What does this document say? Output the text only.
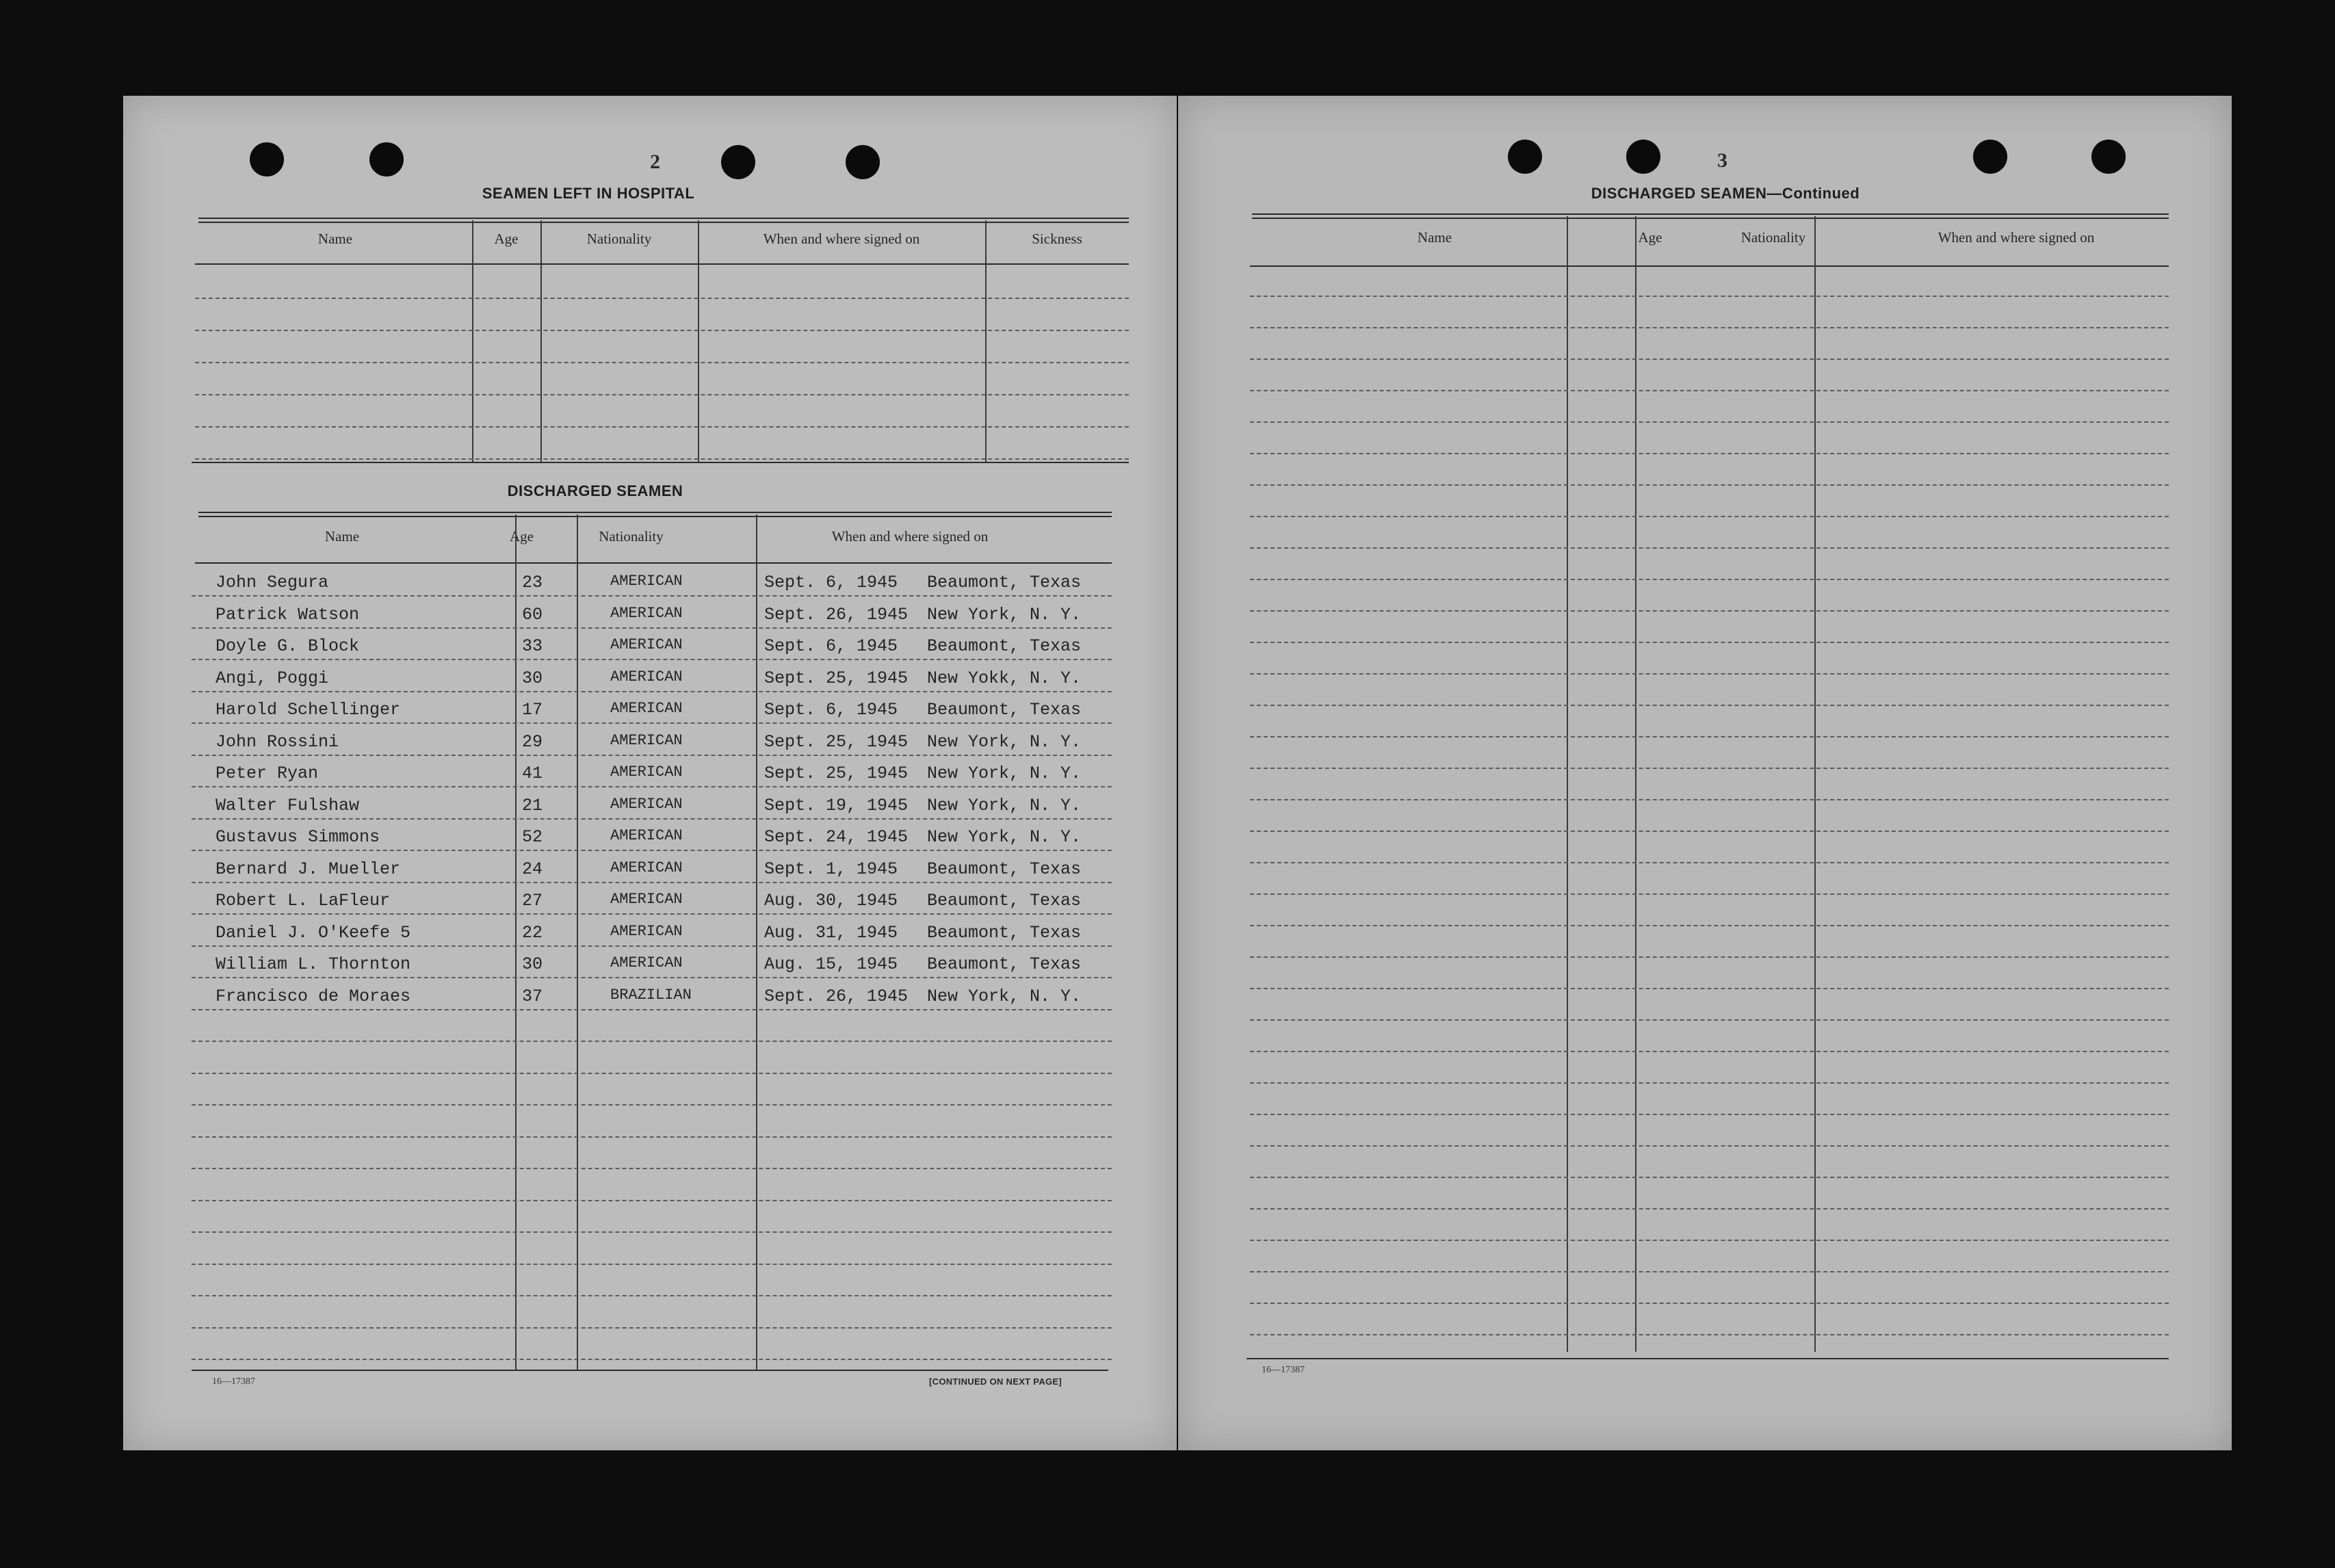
2
SEAMEN LEFT IN HOSPITAL
Name	Age	Nationality	When and where signed on	Sickness
DISCHARGED SEAMEN
Name	Age	Nationality	When and where signed on
John Segura	23	AMERICAN	Sept. 6, 1945 Beaumont, Texas
Patrick Watson	60	AMERICAN	Sept. 26, 1945 New York, N. Y.
Doyle G. Block	33	AMERICAN	Sept. 6, 1945 Beaumont, Texas
Angi, Poggi	30	AMERICAN	Sept. 25, 1945 New Yokk, N. Y.
Harold Schellinger	17	AMERICAN	Sept. 6, 1945 Beaumont, Texas
John Rossini	29	AMERICAN	Sept. 25, 1945 New York, N. Y.
Peter Ryan	41	AMERICAN	Sept. 25, 1945 New York, N. Y.
Walter Fulshaw	21	AMERICAN	Sept. 19, 1945 New York, N. Y.
Gustavus Simmons	52	AMERICAN	Sept. 24, 1945 New York, N. Y.
Bernard J. Mueller	24	AMERICAN	Sept. 1, 1945 Beaumont, Texas
Robert L. LaFleur	27	AMERICAN	Aug. 30, 1945 Beaumont, Texas
Daniel J. O'Keefe 5	22	AMERICAN	Aug. 31, 1945 Beaumont, Texas
William L. Thornton	30	AMERICAN	Aug. 15, 1945 Beaumont, Texas
Francisco de Moraes	37	BRAZILIAN	Sept. 26, 1945 New York, N. Y.
16—17387	[CONTINUED ON NEXT PAGE]
3
DISCHARGED SEAMEN—Continued
Name	Age	Nationality	When and where signed on
16—17387
